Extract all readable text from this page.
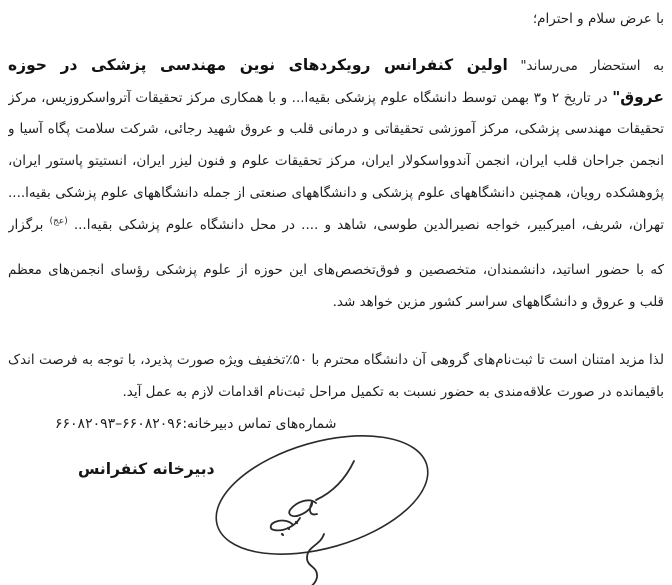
با عرض سلام و احترام؛
به استحضار می‌رساند" اولین کنفرانس رویکردهای نوین مهندسی پزشکی در حوزه
عروق" در تاریخ ۲ و۳ بهمن توسط دانشگاه علوم پزشکی بقیه‌ا... و با همکاری مرکز تحقیقات آترواسکروزیس، مرکز
تحقیقات مهندسی پزشکی، مرکز آموزشی تحقیقاتی و درمانی قلب و عروق شهید رجائی، شرکت سلامت پگاه آسیا و
انجمن جراحان قلب ایران، انجمن آندوواسکولار ایران، مرکز تحقیقات علوم و فنون لیزر ایران، انستیتو پاستور ایران،
پژوهشکده رویان، همچنین دانشگاههای علوم پزشکی و دانشگاههای صنعتی از جمله دانشگاههای علوم پزشکی بقیه‌ا....
تهران، شریف، امیرکبیر، خواجه نصیرالدین طوسی، شاهد و .... در محل دانشگاه علوم پزشکی بقیه‌ا... $^{(عج)}$ برگزار
که با حضور اساتید، دانشمندان، متخصصین و فوق‌تخصص‌های این حوزه از علوم پزشکی رؤسای انجمن‌های معظم
قلب و عروق و دانشگاههای سراسر کشور مزین خواهد شد.
لذا مزید امتنان است تا ثبت‌نام‌های گروهی آن دانشگاه محترم با ۵۰٪تخفیف ویژه صورت پذیرد، با توجه به فرصت اندک
باقیمانده در صورت علاقه‌مندی به حضور نسبت به تکمیل مراحل ثبت‌نام اقدامات لازم به عمل آید.
شماره‌های تماس دبیرخانه:۶۶۰۸۲۰۹۳–۶۶۰۸۲۰۹۶
دبیرخانه کنفرانس
